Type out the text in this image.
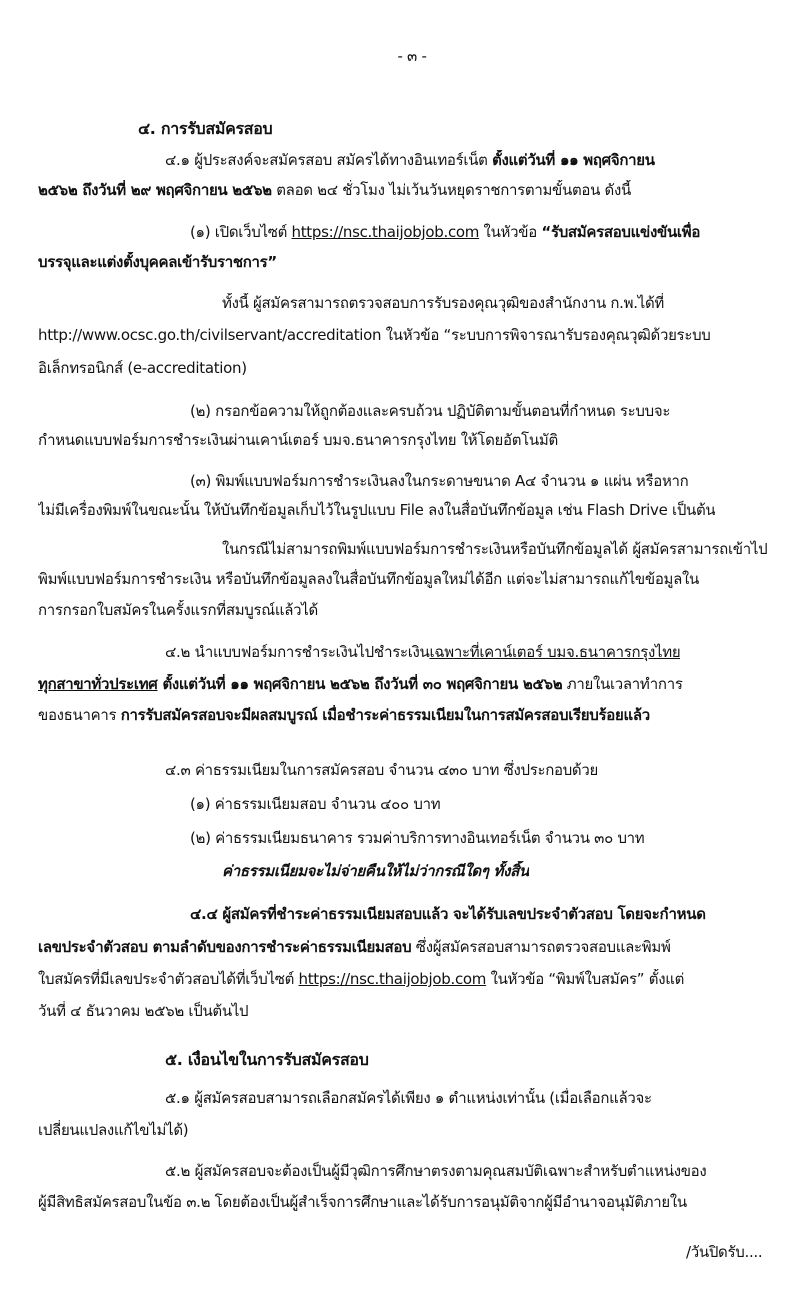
- ๓ -
๔. การรับสมัครสอบ
๔.๑ ผู้ประสงค์จะสมัครสอบ สมัครได้ทางอินเทอร์เน็ต ตั้งแต่วันที่ ๑๑ พฤศจิกายน
๒๕๖๒ ถึงวันที่ ๒๙ พฤศจิกายน ๒๕๖๒ ตลอด ๒๔ ชั่วโมง ไม่เว้นวันหยุดราชการตามขั้นตอน ดังนี้
(๑) เปิดเว็บไซต์ https://nsc.thaijobjob.com ในหัวข้อ “รับสมัครสอบแข่งขันเพื่อ
บรรจุและแต่งตั้งบุคคลเข้ารับราชการ”
ทั้งนี้ ผู้สมัครสามารถตรวจสอบการรับรองคุณวุฒิของสำนักงาน ก.พ.ได้ที่
http://www.ocsc.go.th/civilservant/accreditation ในหัวข้อ “ระบบการพิจารณารับรองคุณวุฒิด้วยระบบ
อิเล็กทรอนิกส์ (e-accreditation)
(๒) กรอกข้อความให้ถูกต้องและครบถ้วน ปฏิบัติตามขั้นตอนที่กำหนด ระบบจะ
กำหนดแบบฟอร์มการชำระเงินผ่านเคาน์เตอร์ บมจ.ธนาคารกรุงไทย ให้โดยอัตโนมัติ
(๓) พิมพ์แบบฟอร์มการชำระเงินลงในกระดาษขนาด A๔ จำนวน ๑ แผ่น หรือหาก
ไม่มีเครื่องพิมพ์ในขณะนั้น ให้บันทึกข้อมูลเก็บไว้ในรูปแบบ File ลงในสื่อบันทึกข้อมูล เช่น Flash Drive เป็นต้น
ในกรณีไม่สามารถพิมพ์แบบฟอร์มการชำระเงินหรือบันทึกข้อมูลได้ ผู้สมัครสามารถเข้าไป
พิมพ์แบบฟอร์มการชำระเงิน หรือบันทึกข้อมูลลงในสื่อบันทึกข้อมูลใหม่ได้อีก แต่จะไม่สามารถแก้ไขข้อมูลใน
การกรอกใบสมัครในครั้งแรกที่สมบูรณ์แล้วได้
๔.๒ นำแบบฟอร์มการชำระเงินไปชำระเงินเฉพาะที่เคาน์เตอร์ บมจ.ธนาคารกรุงไทย
ทุกสาขาทั่วประเทศ ตั้งแต่วันที่ ๑๑ พฤศจิกายน ๒๕๖๒ ถึงวันที่ ๓๐ พฤศจิกายน ๒๕๖๒ ภายในเวลาทำการ
ของธนาคาร การรับสมัครสอบจะมีผลสมบูรณ์ เมื่อชำระค่าธรรมเนียมในการสมัครสอบเรียบร้อยแล้ว
๔.๓ ค่าธรรมเนียมในการสมัครสอบ จำนวน ๔๓๐ บาท ซึ่งประกอบด้วย
(๑) ค่าธรรมเนียมสอบ จำนวน ๔๐๐ บาท
(๒) ค่าธรรมเนียมธนาคาร รวมค่าบริการทางอินเทอร์เน็ต จำนวน ๓๐ บาท
ค่าธรรมเนียมจะไม่จ่ายคืนให้ไม่ว่ากรณีใดๆ ทั้งสิ้น
๔.๔ ผู้สมัครที่ชำระค่าธรรมเนียมสอบแล้ว จะได้รับเลขประจำตัวสอบ โดยจะกำหนด
เลขประจำตัวสอบ ตามลำดับของการชำระค่าธรรมเนียมสอบ ซึ่งผู้สมัครสอบสามารถตรวจสอบและพิมพ์
ใบสมัครที่มีเลขประจำตัวสอบได้ที่เว็บไซต์ https://nsc.thaijobjob.com ในหัวข้อ “พิมพ์ใบสมัคร” ตั้งแต่
วันที่ ๔ ธันวาคม ๒๕๖๒ เป็นต้นไป
๕. เงื่อนไขในการรับสมัครสอบ
๕.๑ ผู้สมัครสอบสามารถเลือกสมัครได้เพียง ๑ ตำแหน่งเท่านั้น (เมื่อเลือกแล้วจะ
เปลี่ยนแปลงแก้ไขไม่ได้)
๕.๒ ผู้สมัครสอบจะต้องเป็นผู้มีวุฒิการศึกษาตรงตามคุณสมบัติเฉพาะสำหรับตำแหน่งของ
ผู้มีสิทธิสมัครสอบในข้อ ๓.๒ โดยต้องเป็นผู้สำเร็จการศึกษาและได้รับการอนุมัติจากผู้มีอำนาจอนุมัติภายใน
/วันปิดรับ....
